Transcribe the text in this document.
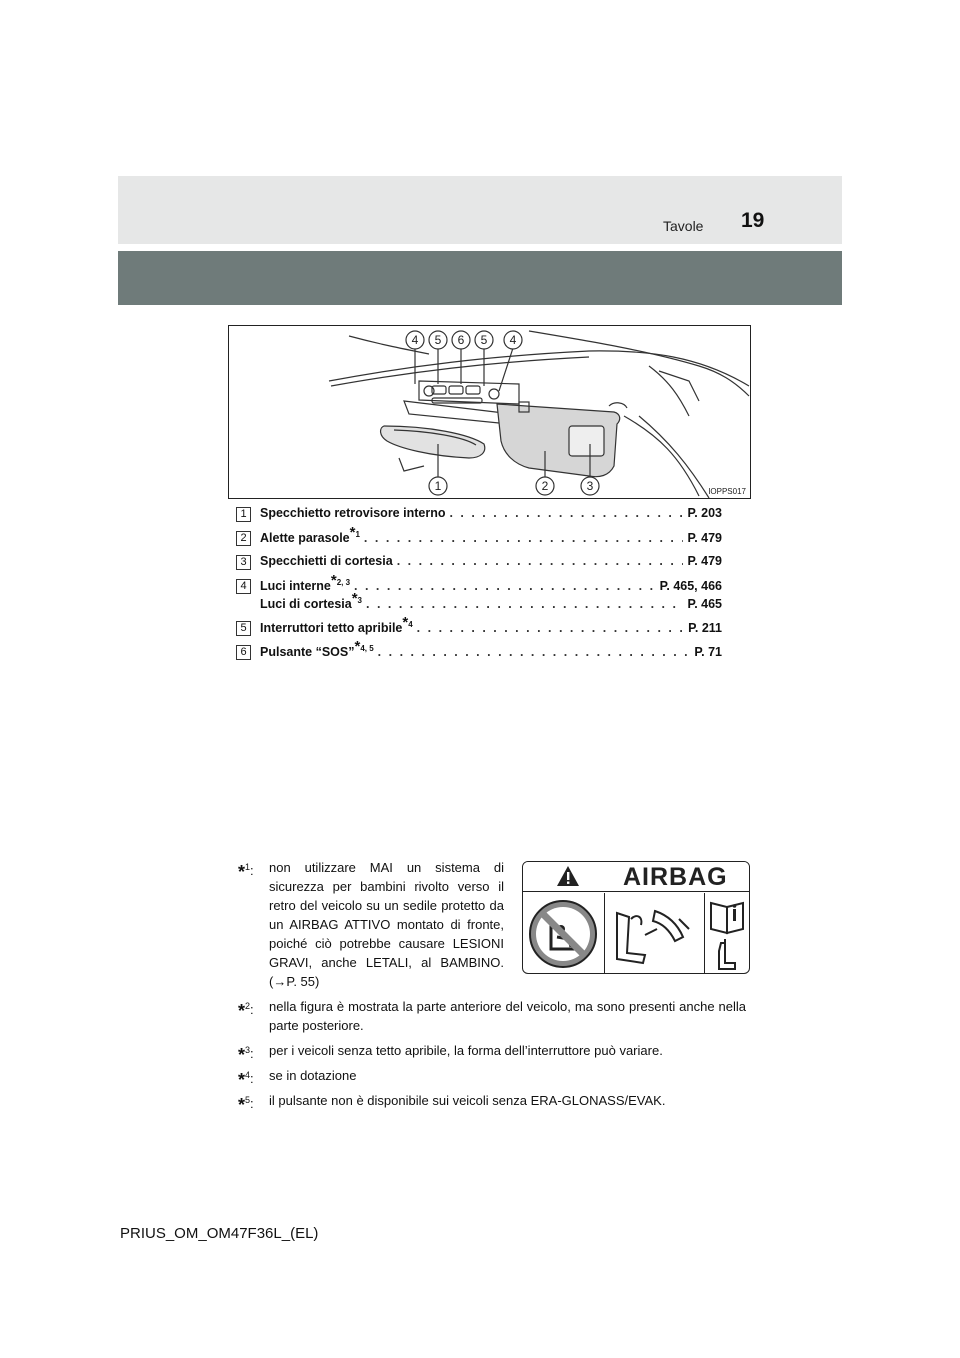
Tavole 19
4 5 6 5 4
1	2	3	IOPPS017
1	Specchietto retrovisore interno . . .	P. 203
2	Alette parasole$^{*1}$ . . .	P. 479
3	Specchietti di cortesia . . .	P. 479
4	Luci interne$^{*2, 3}$ . . .	P. 465, 466
Luci di cortesia$^{*3}$ . . .	P. 465
5	Interruttori tetto apribile$^{*4}$ . . .	P. 211
6	Pulsante “SOS”$^{*4, 5}$ . . .	P. 71
*$^1$: non utilizzare MAI un sistema di sicurezza per bambini rivolto verso il retro del veicolo su un sedile protetto da un AIRBAG ATTIVO montato di fronte, poiché ciò potrebbe causare LESIONI GRAVI, anche LETALI, al BAMBINO. (→P. 55)
*$^2$: nella figura è mostrata la parte anteriore del veicolo, ma sono presenti anche nella parte posteriore.
*$^3$: per i veicoli senza tetto apribile, la forma dell’interruttore può variare.
*$^4$: se in dotazione
*$^5$: il pulsante non è disponibile sui veicoli senza ERA-GLONASS/EVAK.
AIRBAG
PRIUS_OM_OM47F36L_(EL)
